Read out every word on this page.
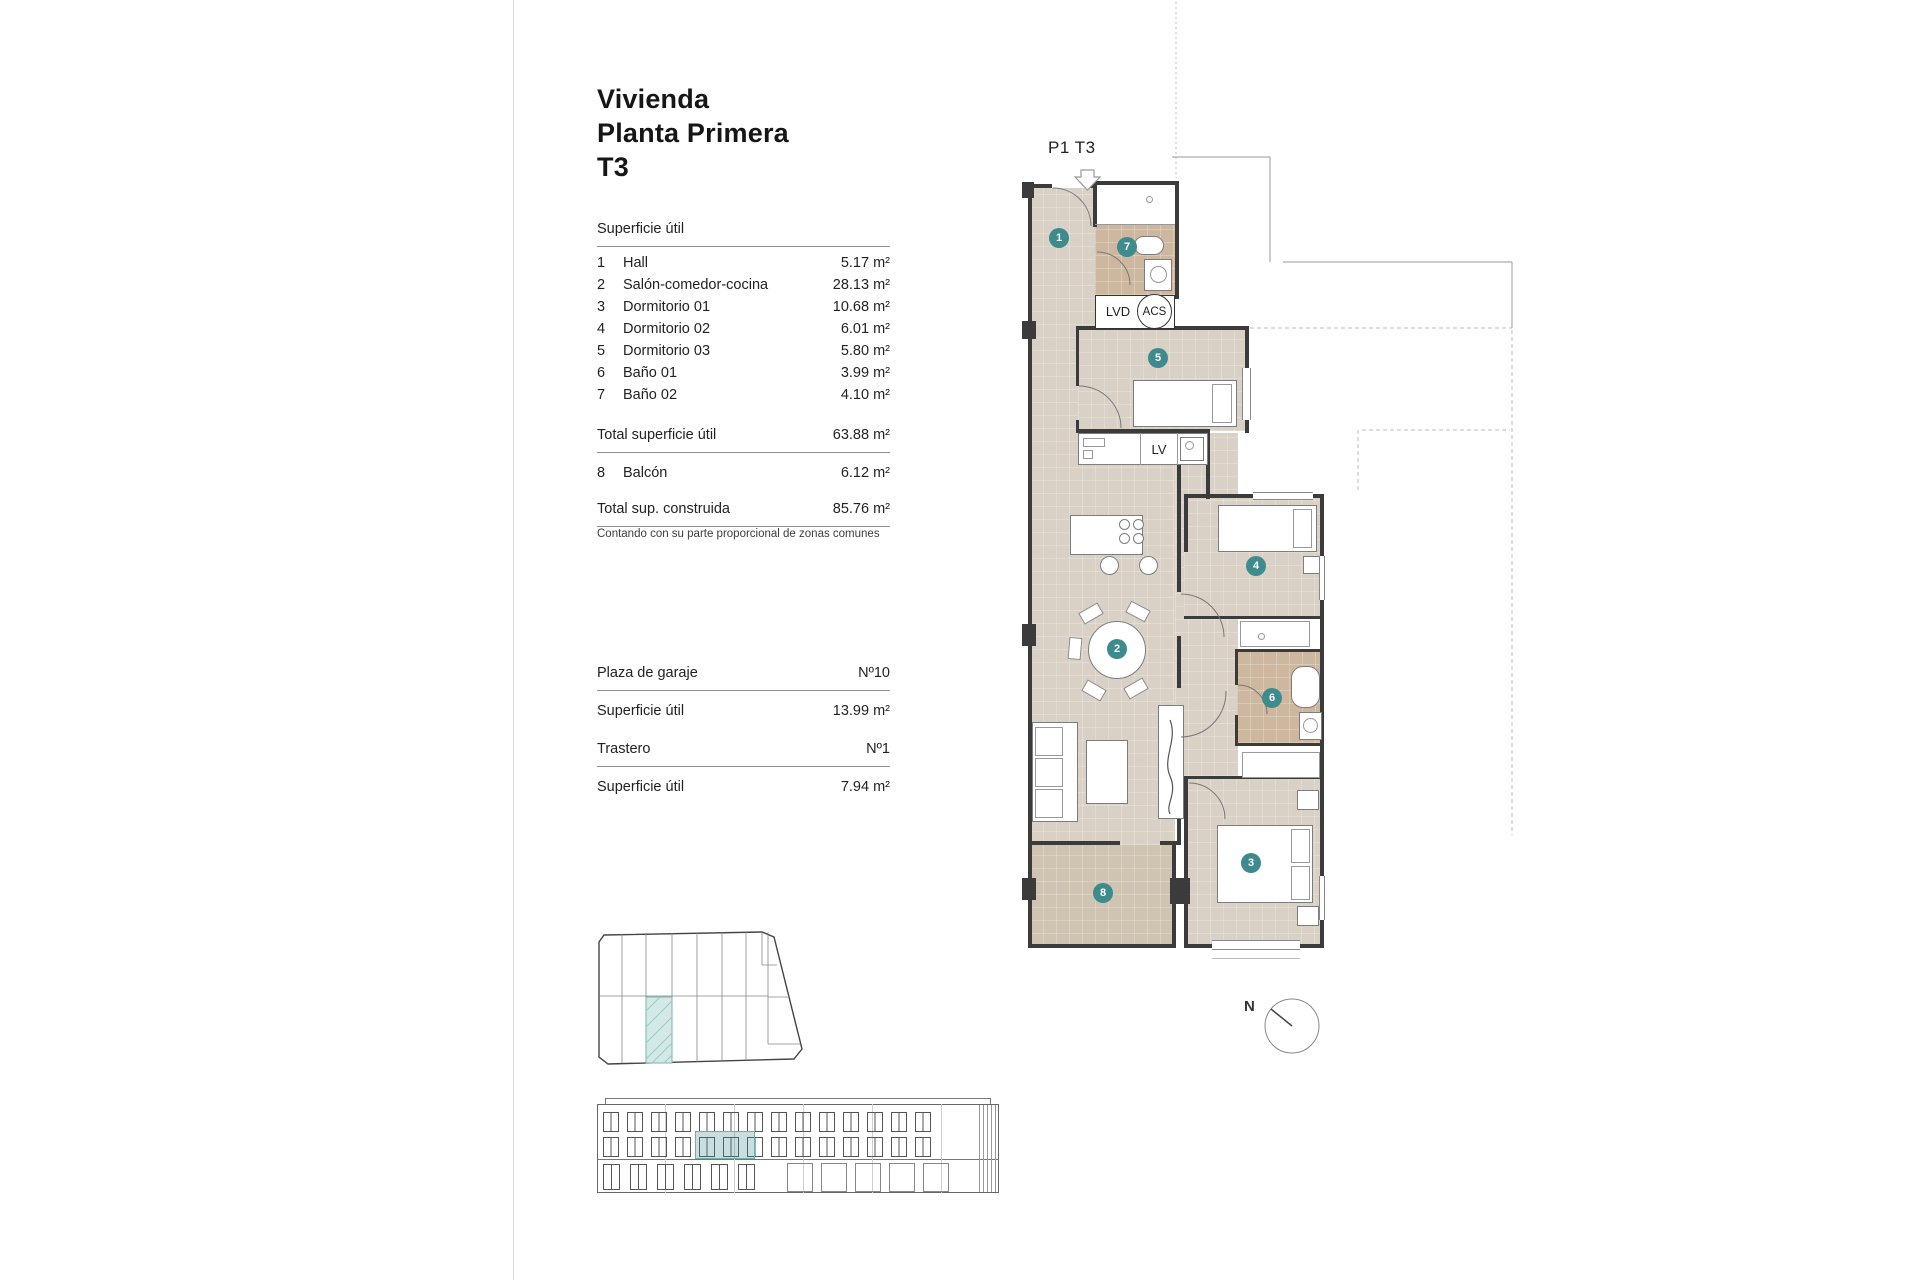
Vivienda
Planta Primera
T3
Superficie útil
1	Hall	5.17 m²
2	Salón-comedor-cocina	28.13 m²
3	Dormitorio 01	10.68 m²
4	Dormitorio 02	6.01 m²
5	Dormitorio 03	5.80 m²
6	Baño 01	3.99 m²
7	Baño 02	4.10 m²
Total superficie útil	63.88 m²
8	Balcón	6.12 m²
Total sup. construida	85.76 m²
Contando con su parte proporcional de zonas comunes
Plaza de garaje	Nº10
Superficie útil	13.99 m²
Trastero	Nº1
Superficie útil	7.94 m²
P1 T3
LVD	ACS
LV
1
7
5
2
4
6
3
8
N
